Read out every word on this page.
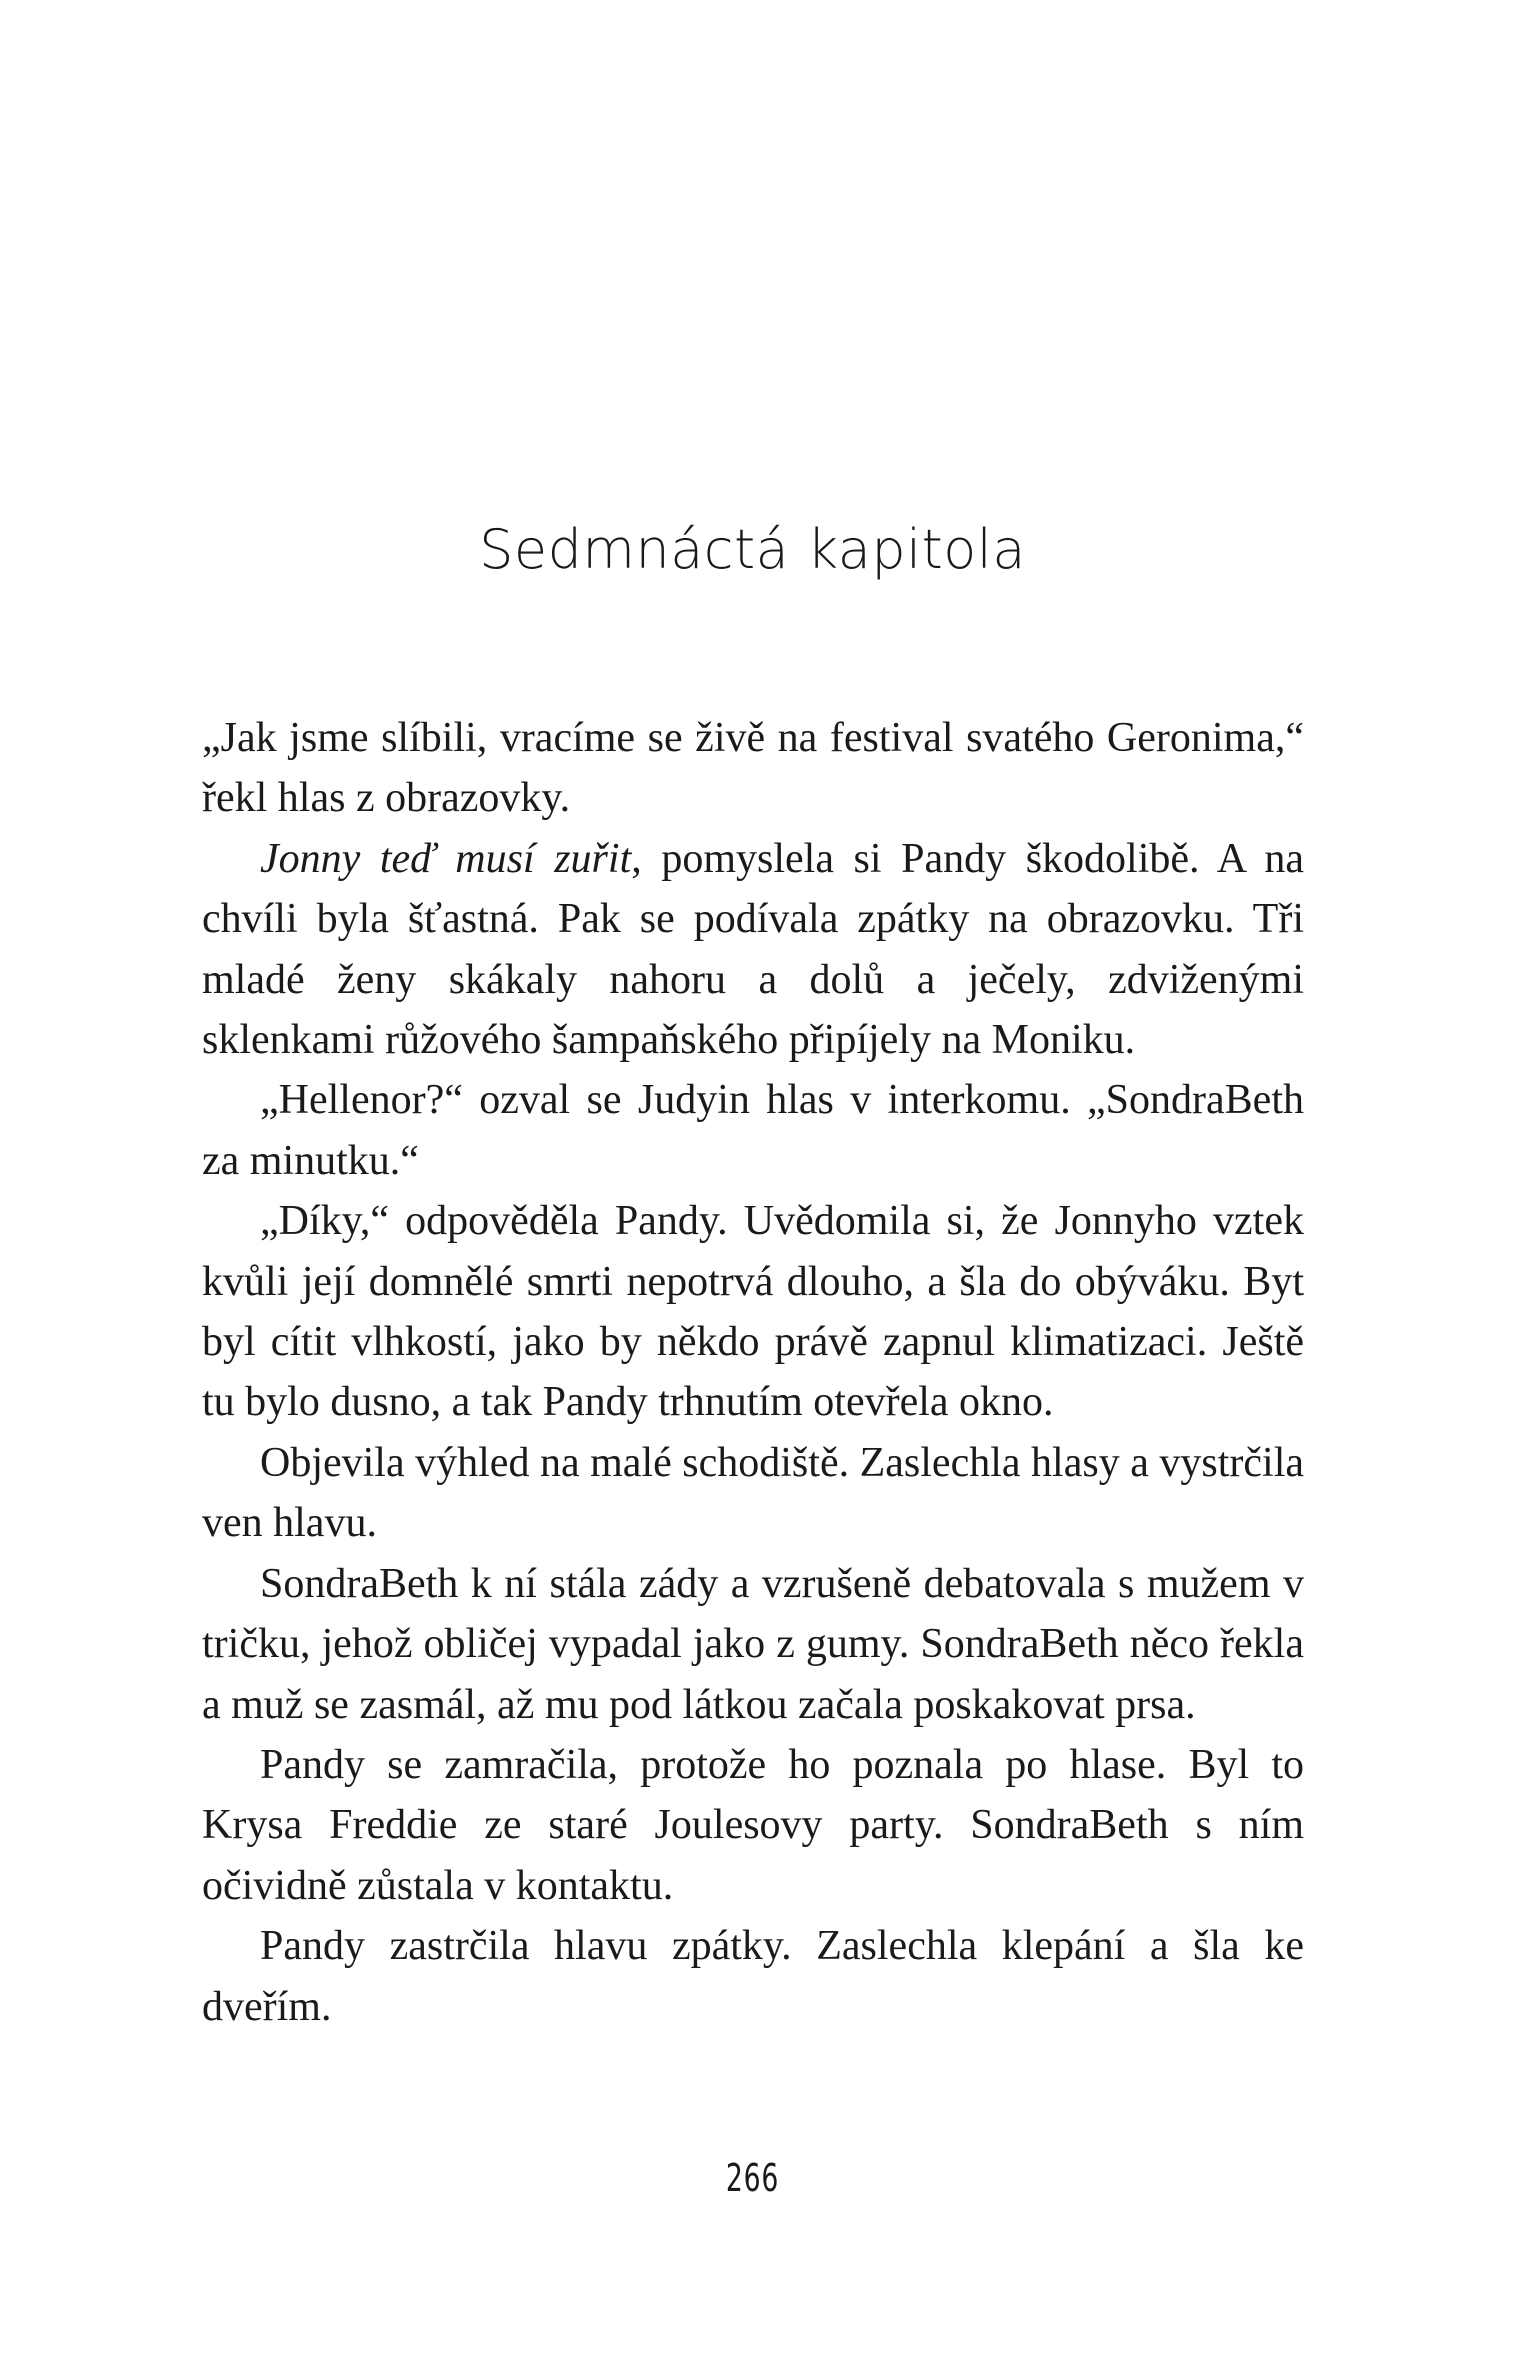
Sedmnáctá kapitola

„Jak jsme slíbili, vracíme se živě na festival svatého Geronima,“ řekl hlas z obrazovky.

Jonny teď musí zuřit, pomyslela si Pandy škodolibě. A na chvíli byla šťastná. Pak se podívala zpátky na obrazovku. Tři mladé ženy skákaly nahoru a dolů a ječely, zdviženými sklenkami růžového šampaňského připíjely na Moniku.

„Hellenor?“ ozval se Judyin hlas v interkomu. „SondraBeth za minutku.“

„Díky,“ odpověděla Pandy. Uvědomila si, že Jonnyho vztek kvůli její domnělé smrti nepotrvá dlouho, a šla do obýváku. Byt byl cítit vlhkostí, jako by někdo právě zapnul klimatizaci. Ještě tu bylo dusno, a tak Pandy trhnutím otevřela okno.

Objevila výhled na malé schodiště. Zaslechla hlasy a vystrčila ven hlavu.

SondraBeth k ní stála zády a vzrušeně debatovala s mužem v tričku, jehož obličej vypadal jako z gumy. SondraBeth něco řekla a muž se zasmál, až mu pod látkou začala poskakovat prsa.

Pandy se zamračila, protože ho poznala po hlase. Byl to Krysa Freddie ze staré Joulesovy party. SondraBeth s ním očividně zůstala v kontaktu.

Pandy zastrčila hlavu zpátky. Zaslechla klepání a šla ke dveřím.

266
